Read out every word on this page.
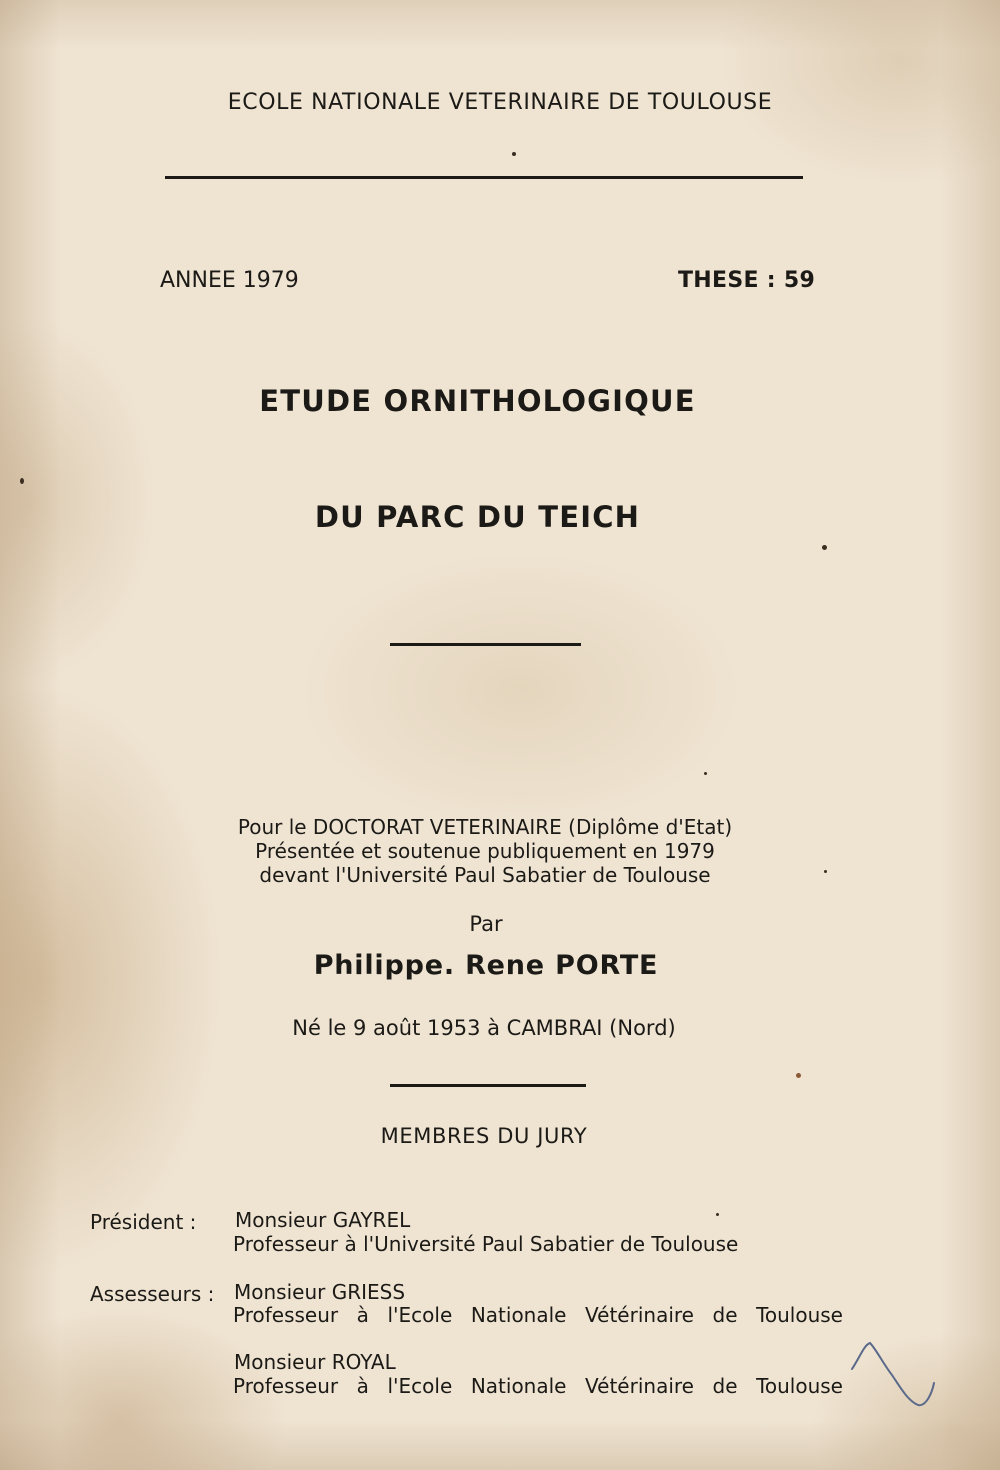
ECOLE NATIONALE VETERINAIRE DE TOULOUSE
ANNEE 1979	THESE : 59
ETUDE ORNITHOLOGIQUE
DU PARC DU TEICH
Pour le DOCTORAT VETERINAIRE (Diplôme d'Etat)
Présentée et soutenue publiquement en 1979
devant l'Université Paul Sabatier de Toulouse
Par
Philippe. Rene PORTE
Né le 9 août 1953 à CAMBRAI (Nord)
MEMBRES DU JURY
Président : Monsieur GAYREL
Professeur à l'Université Paul Sabatier de Toulouse
Assesseurs : Monsieur GRIESS
Professeur à l'Ecole Nationale Vétérinaire de Toulouse
Monsieur ROYAL
Professeur à l'Ecole Nationale Vétérinaire de Toulouse
